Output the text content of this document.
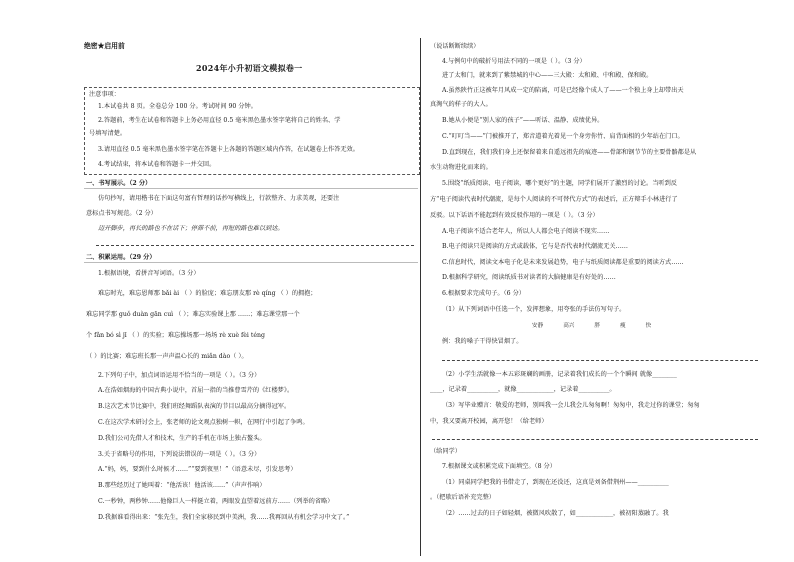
绝密★启用前
2024年小升初语文模拟卷一
注意事项：
1.本试卷共 8 页。全卷总分 100 分。考试时间 90 分钟。
2.答题前，考生在试卷和答题卡上务必用直径 0.5 毫米黑色墨水签字笔将自己的姓名、学
号填写清楚。
3.请用直径 0.5 毫米黑色墨水签字笔在答题卡上各题的答题区域内作答，在试题卷上作答无效。
4.考试结束，将本试卷和答题卡一并交回。
一、书写展示。（2 分）
仿句抄写，请用楷书在下面这句富有哲理的话抄写横线上，行款整齐、力求美观，还要注
意标点书写规范。（2 分）
迈开脚步，再长的路也不在话下；停滞不前，再短的路也难以到达。
二、积累运用。（29 分）
1.根据语境，看拼音写词语。（3 分）
难忘时光，难忘恩师那 bǎi ài （ ）的脸庞；难忘朋友那 rè qíng （ ）的拥抱；
难忘同学那 guǒ duàn gān cuì （ ）；难忘实验课上那 ……；难忘课堂那一个
个 fǎn bó sì jī （ ）的实验；难忘操场那一场场 rè xuè fèi téng
（ ）的比赛；难忘班长那一声声温心长的 miǎn dào（ ）。
2.下列句子中，加点词语运用不恰当的一项是（ ）。（3 分）
A.在浩如烟海的中国古典小说中，首屈一指的当推曹雪芹的《红楼梦》。
B.这次艺术节比赛中，我们班经舞蹈队表演的节目以最高分摘得冠军。
C.在这次学术研讨会上，张老师的论文观点独树一帜，在网行中引起了争鸣。
D.我们公司先借人才和技术，生产的手机在市场上独占鳌头。
3.关于省略号的作用，下列说法错误的一项是（ ）。（3 分）
A.“妈，妈，要到什么时候才……”“要到夜里！”（语意未尽，引发思考）
B.那些经历过了她叫着：“他活该！他活该……”（声声作响）
C.一秒钟，两秒钟……他像巨人一样挺立着，两眼发直望着远前方……（列举的省略）
D.我据谁看得出来：“张先生，我们全家移民到中美洲，我……我再回从有机会学习中文了。”
（说话断断续续）
4.与例句中的破折号用法不同的一项是（ ）。（3 分）
进了太和门，就来到了紫禁城的中心——三大殿：太和殿、中和殿、保和殿。
A.虽然陕竹正这被年月风成一定的陷离，可是已经像个成人了——一个独上身上却带出天
真淘气的样子的大人。
B.她从小便是“别人家的孩子”——听话、温静、成绩优异。
C.“叮叮当——”门被推开了，郑音道着光着见一个身旁你竹、肩背面相的少年站在门口。
D.直到现在，我们我们身上还保留着来自遥远祖先的痕迹——骨部和钢节节的主要骨骼都是从
水生动物进化而来的。
5.围绕“纸质阅读、电子阅读，哪个更好”的主题，同学们展开了激烈的讨论。当听到反
方“电子阅读代表时代潮流，是每个人阅读的不可替代方式”的表述后，正方辩手小林进行了
反驳。以下话语不能起到有效反驳作用的一项是（ ）。（3 分）
A.电子阅读不适合老年人，所以人人都会电子阅读不现实……
B.电子阅读只是阅读的方式或载体，它与是否代表时代潮流无关……
C.信息时代，阅读文本电子化是未来发展趋势，电子与纸质阅读都是重要的阅读方式……
D.根据科学研究，阅读纸质书对读者的大脑健康是有好处的……
6.根据要求完成句子。（6 分）
（1）从下列词语中任选一个，发挥想象，用夸张的手法仿写句子。
安静	高兴	胖	瘦	快
例：我的嗓子干得快冒烟了。
（2）小学生活就像一本五彩斑斓的画册，记录着我们成长的一个个瞬间 就像________
____，记录着__________，就像____________，记录着__________。
（3）写毕业赠言：敬爱的老师，别叫我一会儿我会儿匆匆啊！匆匆中，我走过你的课堂；匆匆
中，我又要离开校园，离开您！（给老师）
（给同学）
7.根据课文或积累完成下面填空。（8 分）
（1）同桌同学把我的书借走了，到现在还没还，这真是刘备借荆州——__________
。（把歇后语补充完整）
（2）……过去的日子如轻烟，被微风吹散了，如____________，被初阳蒸融了。我
